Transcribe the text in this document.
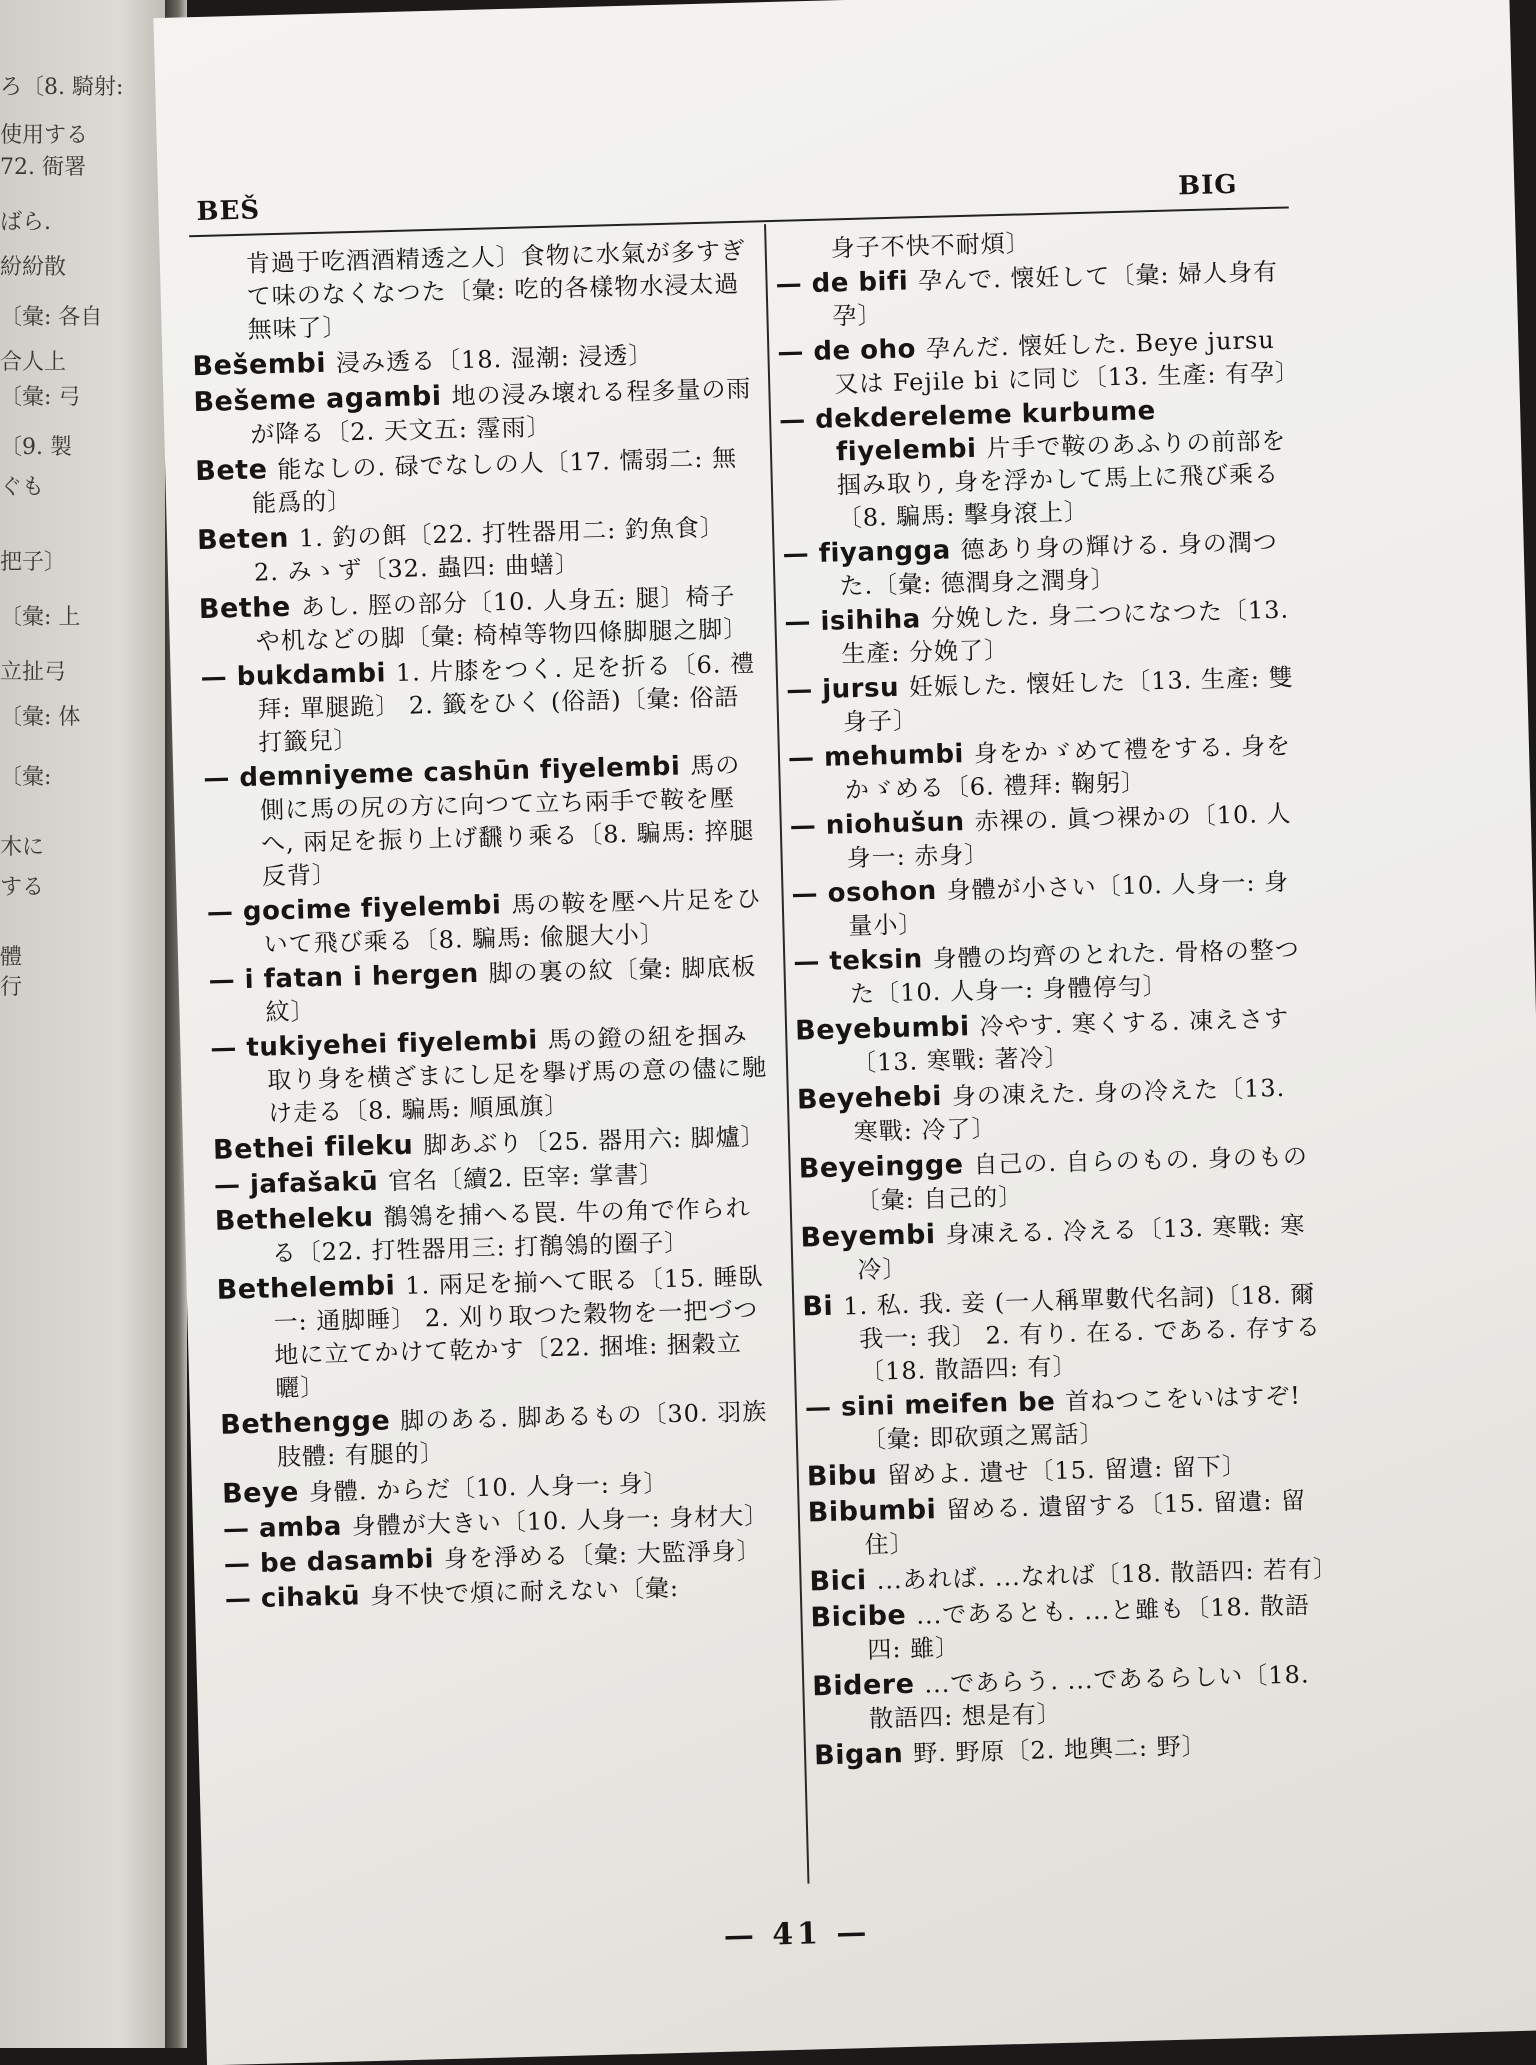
ろ〔8. 騎射:
使用する
72. 衙署
ばら.
紛紛散
〔彙: 各自
合人上
〔彙: 弓
〔9. 製
ぐも
把子〕
〔彙: 上
立扯弓
〔彙: 体
〔彙:
木に
する
體
行
BEŠ
BIG
肯過于吃酒酒精透之人〕食物に水氣が多すぎて味のなくなつた〔彙: 吃的各樣物水浸太過無味了〕
Bešembi 浸み透る〔18. 湿潮: 浸透〕
Bešeme agambi 地の浸み壞れる程多量の雨が降る〔2. 天文五: 霪雨〕
Bete 能なしの. 碌でなしの人〔17. 懦弱二: 無能爲的〕
Beten 1. 釣の餌〔22. 打牲器用二: 釣魚食〕 2. みゝず〔32. 蟲四: 曲蟮〕
Bethe あし. 脛の部分〔10. 人身五: 腿〕椅子や机などの脚〔彙: 椅棹等物四條脚腿之脚〕
— bukdambi 1. 片膝をつく. 足を折る〔6. 禮拜: 單腿跪〕 2. 籤をひく (俗語)〔彙: 俗語打籤兒〕
— demniyeme cashūn fiyelembi 馬の側に馬の尻の方に向つて立ち兩手で鞍を壓へ, 兩足を振り上げ飜り乘る〔8. 騙馬: 捽腿反背〕
— gocime fiyelembi 馬の鞍を壓へ片足をひいて飛び乘る〔8. 騙馬: 偸腿大小〕
— i fatan i hergen 脚の裏の紋〔彙: 脚底板紋〕
— tukiyehei fiyelembi 馬の鐙の紐を掴み取り身を横ざまにし足を擧げ馬の意の儘に馳け走る〔8. 騙馬: 順風旗〕
Bethei fileku 脚あぶり〔25. 器用六: 脚爐〕
— jafašakū 官名〔續2. 臣宰: 掌書〕
Betheleku 鶺鴒を捕へる罠. 牛の角で作られる〔22. 打牲器用三: 打鶺鴒的圈子〕
Bethelembi 1. 兩足を揃へて眠る〔15. 睡臥一: 通脚睡〕 2. 刈り取つた穀物を一把づつ地に立てかけて乾かす〔22. 捆堆: 捆穀立曬〕
Bethengge 脚のある. 脚あるもの〔30. 羽族肢體: 有腿的〕
Beye 身體. からだ〔10. 人身一: 身〕
— amba 身體が大きい〔10. 人身一: 身材大〕
— be dasambi 身を淨める〔彙: 大監淨身〕
— cihakū 身不快で煩に耐えない〔彙:
身子不快不耐煩〕
— de bifi 孕んで. 懐妊して〔彙: 婦人身有孕〕
— de oho 孕んだ. 懐妊した. Beye jursu 又は Fejile bi に同じ〔13. 生產: 有孕〕
— dekdereleme kurbume fiyelembi 片手で鞍のあふりの前部を掴み取り, 身を浮かして馬上に飛び乘る〔8. 騙馬: 擊身滾上〕
— fiyangga 德あり身の輝ける. 身の潤つた.〔彙: 德潤身之潤身〕
— isihiha 分娩した. 身二つになつた〔13. 生產: 分娩了〕
— jursu 妊娠した. 懐妊した〔13. 生產: 雙身子〕
— mehumbi 身をかゞめて禮をする. 身をかゞめる〔6. 禮拜: 鞠躬〕
— niohušun 赤裸の. 眞つ裸かの〔10. 人身一: 赤身〕
— osohon 身體が小さい〔10. 人身一: 身量小〕
— teksin 身體の均齊のとれた. 骨格の整つた〔10. 人身一: 身體停勻〕
Beyebumbi 冷やす. 寒くする. 凍えさす〔13. 寒戰: 著冷〕
Beyehebi 身の凍えた. 身の冷えた〔13. 寒戰: 冷了〕
Beyeingge 自己の. 自らのもの. 身のもの〔彙: 自己的〕
Beyembi 身凍える. 冷える〔13. 寒戰: 寒冷〕
Bi 1. 私. 我. 妾 (一人稱單數代名詞)〔18. 爾我一: 我〕 2. 有り. 在る. である. 存する〔18. 散語四: 有〕
— sini meifen be 首ねつこをいはすぞ!〔彙: 即砍頭之罵話〕
Bibu 留めよ. 遺せ〔15. 留遺: 留下〕
Bibumbi 留める. 遺留する〔15. 留遺: 留住〕
Bici ...あれば. ...なれば〔18. 散語四: 若有〕
Bicibe ...であるとも. ...と雖も〔18. 散語四: 雖〕
Bidere ...であらう. ...であるらしい〔18. 散語四: 想是有〕
Bigan 野. 野原〔2. 地輿二: 野〕
— 41 —
